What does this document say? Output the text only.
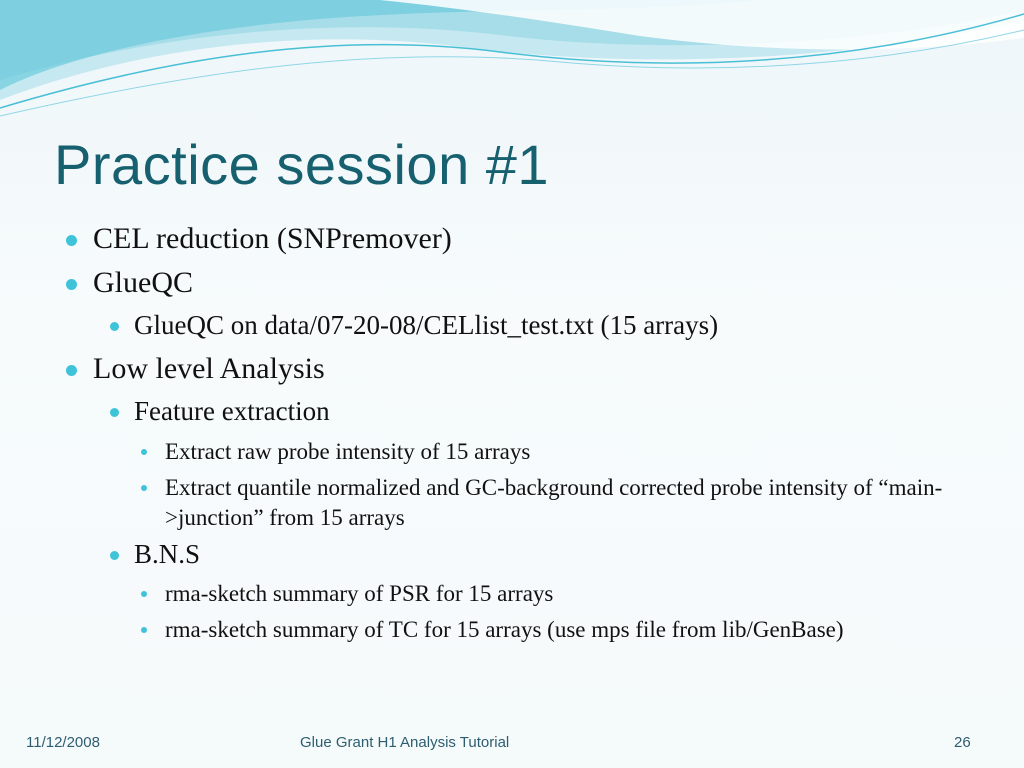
Practice session #1
CEL reduction (SNPremover)
GlueQC
GlueQC on data/07-20-08/CELlist_test.txt (15 arrays)
Low level Analysis
Feature extraction
Extract raw probe intensity of 15 arrays
Extract quantile normalized and GC-background corrected probe intensity of “main->junction” from 15 arrays
B.N.S
rma-sketch summary of PSR for 15 arrays
rma-sketch summary of TC for 15 arrays (use mps file from lib/GenBase)
11/12/2008	Glue Grant H1 Analysis Tutorial	26
